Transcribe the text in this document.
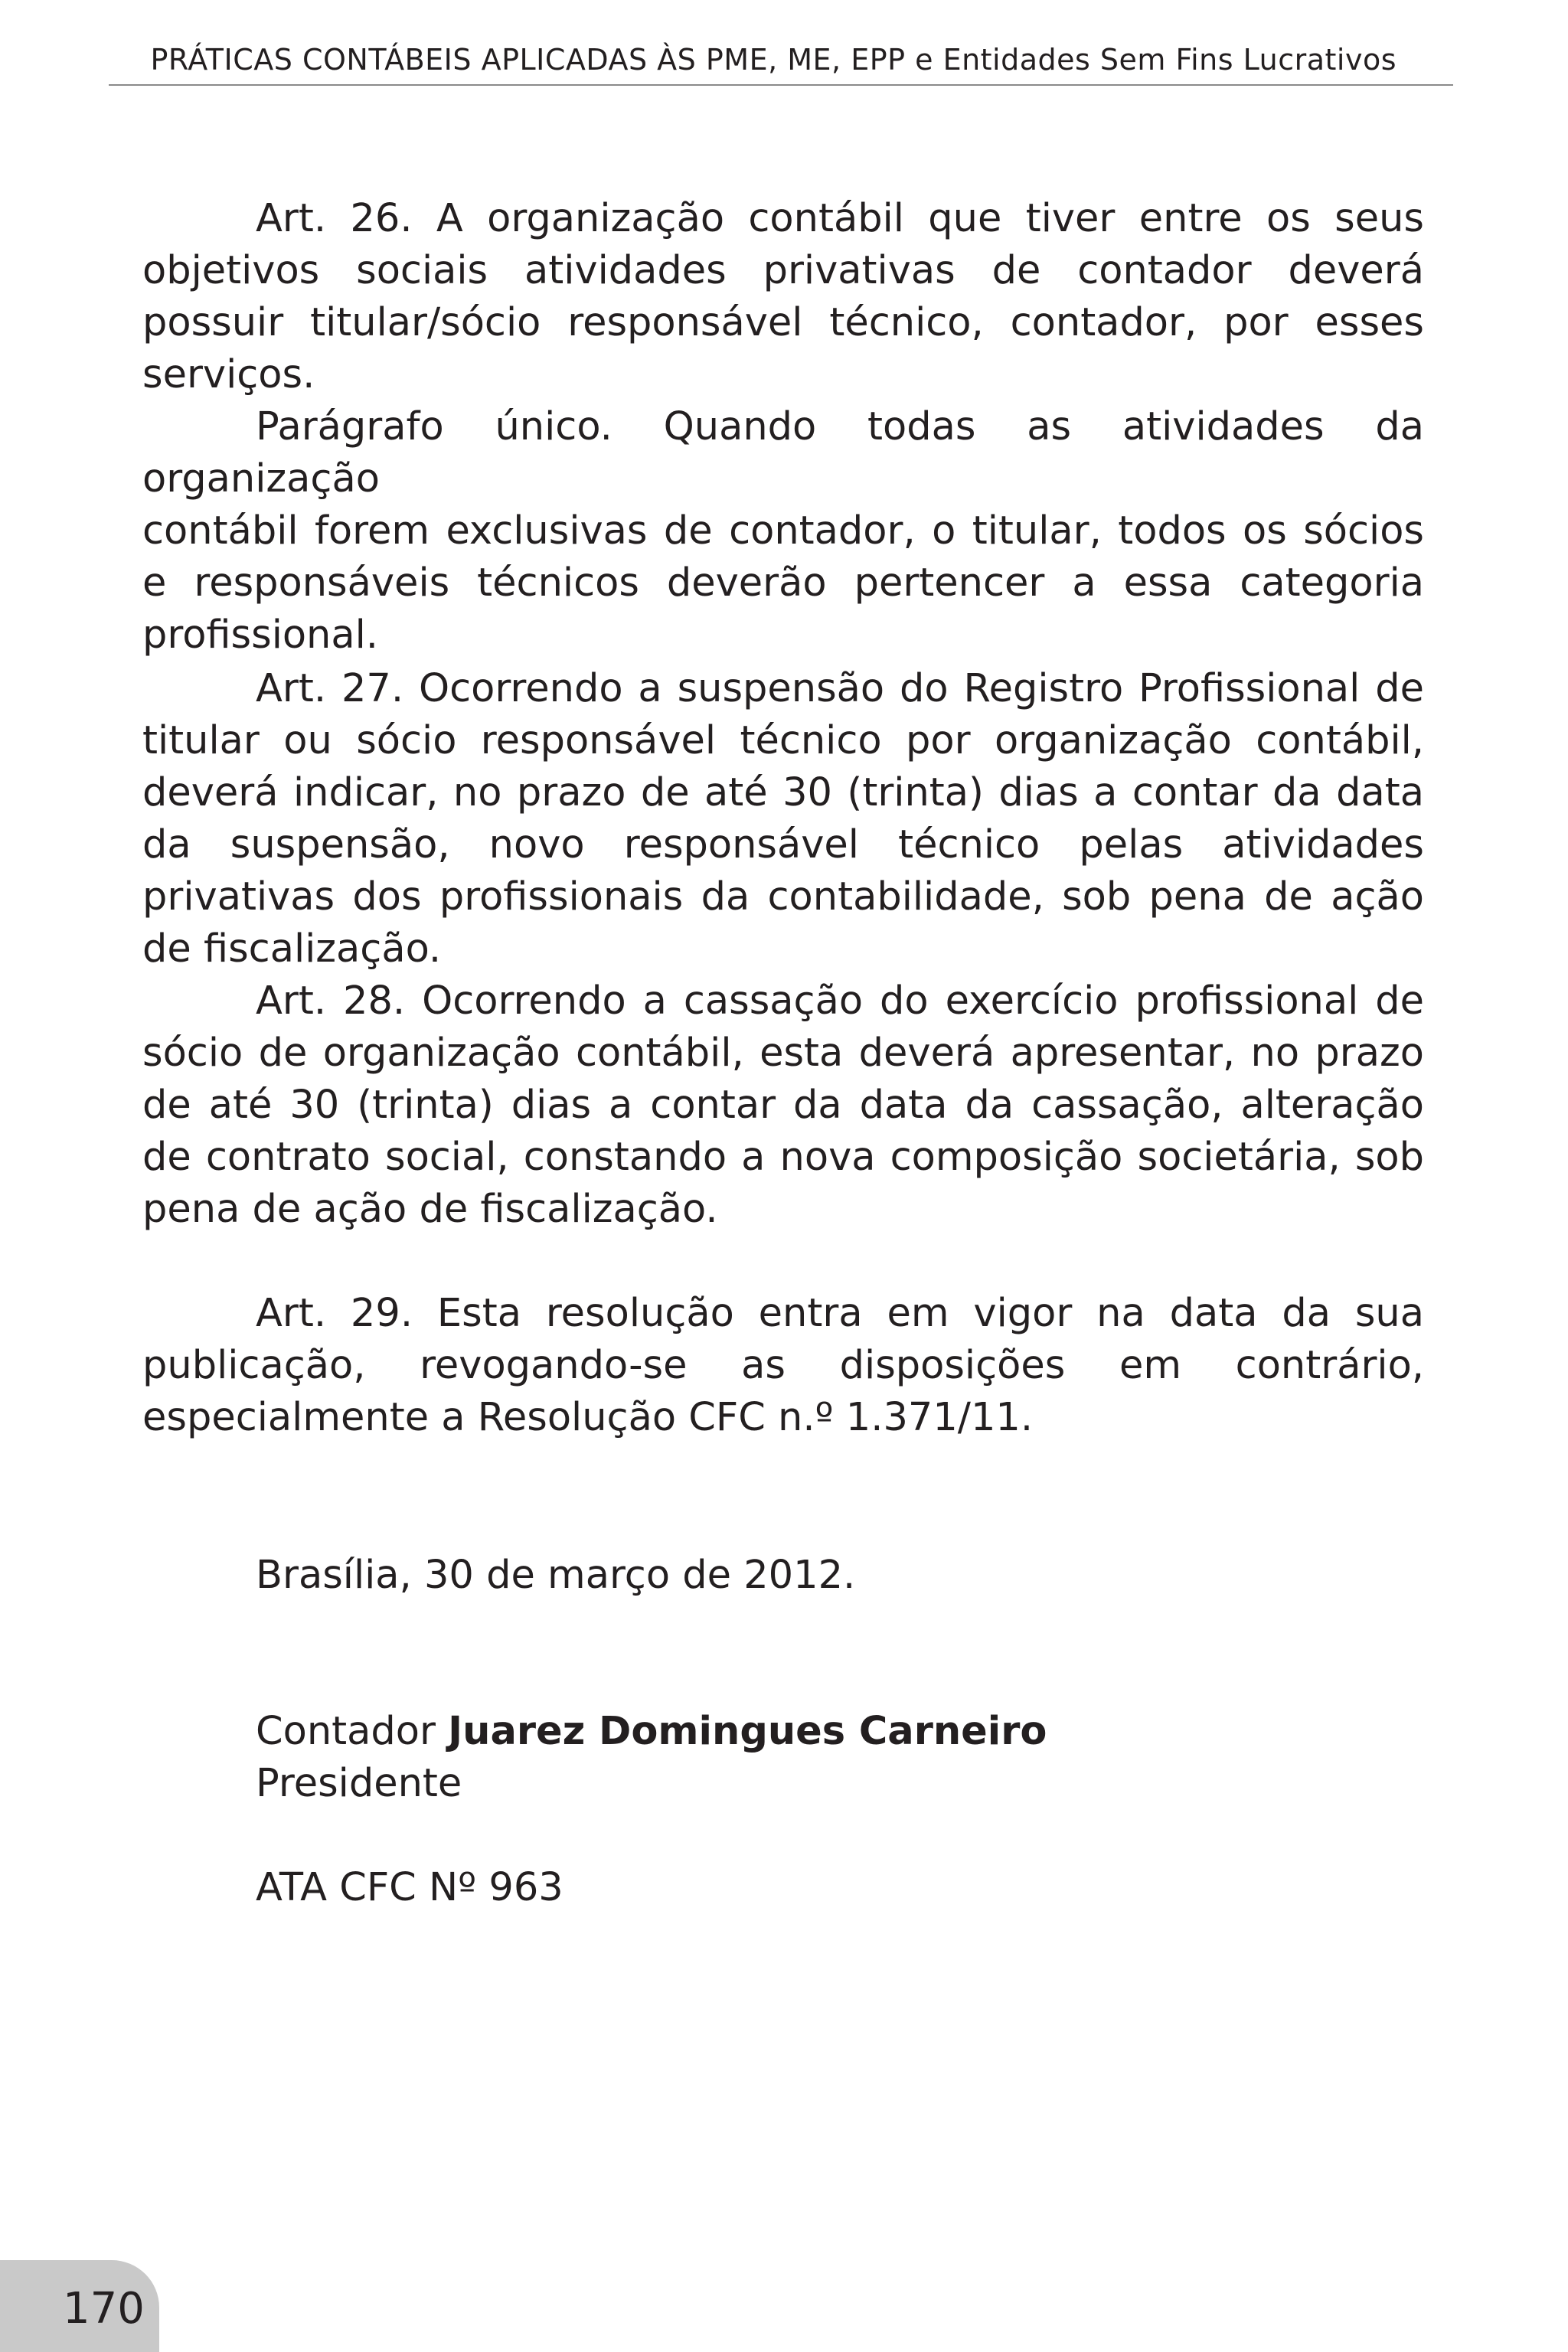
PRÁTICAS CONTÁBEIS APLICADAS ÀS PME, ME, EPP e Entidades Sem Fins Lucrativos

Art. 26. A organização contábil que tiver entre os seus objetivos sociais atividades privativas de contador deverá possuir titular/sócio responsável técnico, contador, por esses serviços.

Parágrafo único. Quando todas as atividades da organização

contábil forem exclusivas de contador, o titular, todos os sócios e responsáveis técnicos deverão pertencer a essa categoria profissional.

Art. 27. Ocorrendo a suspensão do Registro Profissional de titular ou sócio responsável técnico por organização contábil, deverá indicar, no prazo de até 30 (trinta) dias a contar da data da suspensão, novo responsável técnico pelas atividades privativas dos profissionais da contabilidade, sob pena de ação de fiscalização.

Art. 28. Ocorrendo a cassação do exercício profissional de sócio de organização contábil, esta deverá apresentar, no prazo de até 30 (trinta) dias a contar da data da cassação, alteração de contrato social, constando a nova composição societária, sob pena de ação de fiscalização.

Art. 29. Esta resolução entra em vigor na data da sua publicação, revogando-se as disposições em contrário, especialmente a Resolução CFC n.º 1.371/11.

Brasília, 30 de março de 2012.
Contador Juarez Domingues Carneiro
Presidente
ATA CFC Nº 963
170
